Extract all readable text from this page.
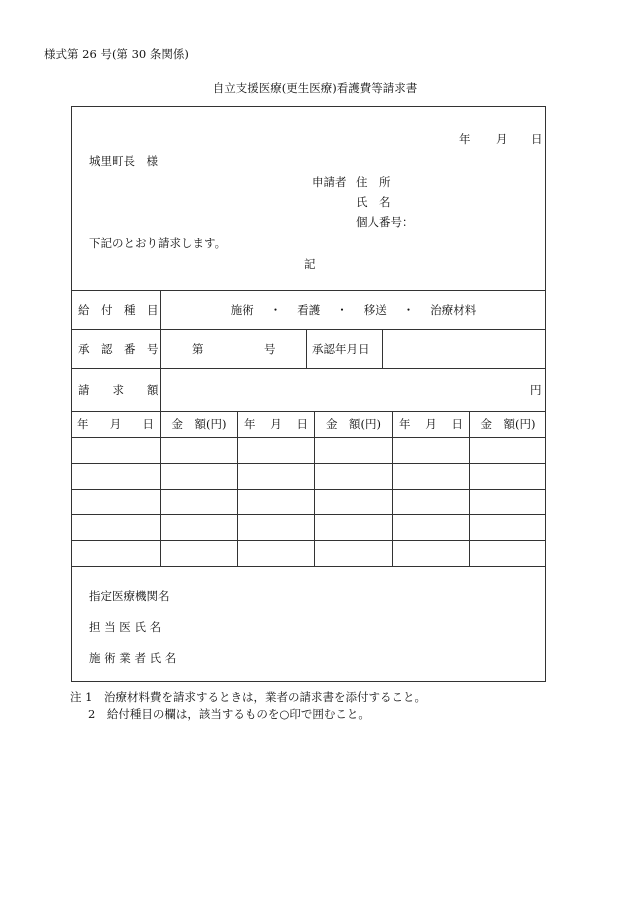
様式第 26 号(第 30 条関係)
自立支援医療(更生医療)看護費等請求書
年 月 日
城里町長　様
申請者 住　所
氏　名
個人番号：
下記のとおり請求します。
記
給　付　種　目	施術 ・ 看護 ・ 移送 ・ 治療材料
承　認　番　号	第	号	承認年月日
請　　求　　額	円
年 月 日	金　額(円)	年 月 日	金　額(円)	年 月 日	金　額(円)
指定医療機関名
担 当 医 氏 名
施 術 業 者 氏 名
注 1　 治療材料費を請求するときは，業者の請求書を添付すること。
2　 給付種目の欄は，該当するものを○印で囲むこと。
